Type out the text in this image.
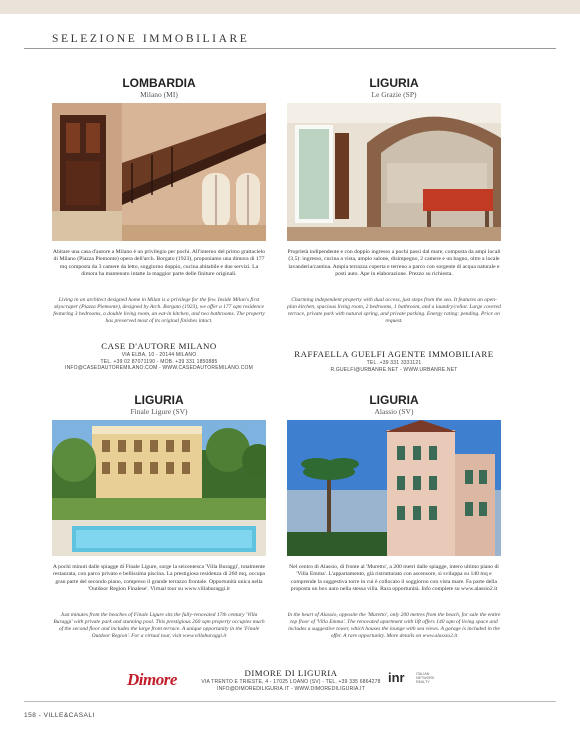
SELEZIONE IMMOBILIARE
LOMBARDIA
Milano (MI)
Abitare una casa d'autore a Milano è un privilegio per pochi. All'interno del primo grattacielo di Milano (Piazza Piemonte) opera dell'arch. Borgato (1923), proponiamo una dimora di 177 mq composta da 3 camere da letto, soggiorno doppio, cucina abitabile e due servizi. La dimora ha mantenuto intatte la maggior parte delle finiture originali.
Living in an architect designed home in Milan is a privilege for the few. Inside Milan's first skyscraper (Piazza Piemonte), designed by Arch. Borgato (1923), we offer a 177 sqm residence featuring 3 bedrooms, a double living room, an eat-in kitchen, and two bathrooms. The property has preserved most of its original finishes intact.
CASE D'AUTORE MILANO
VIA ELBA, 10 - 20144 MILANO
TEL. +39 02 87071190 - MOB. +39 331 1850885
INFO@CASEDAUTOREMILANO.COM - WWW.CASEDAUTOREMILANO.COM
LIGURIA
Le Grazie (SP)
Proprietà indipendente e con doppio ingresso a pochi passi dal mare, composta da ampi locali (3,5): ingresso, cucina a vista, ampio salone, disimpegno, 2 camere e un bagno, oltre a locale lavanderia/cantina. Ampia terrazza coperta e terreno a parco con sorgente di acqua naturale e posti auto. Ape in elaborazione. Prezzo su richiesta.
Charming independent property with dual access, just steps from the sea. It features an open-plan kitchen, spacious living room, 2 bedrooms, 1 bathroom, and a laundry/cellar. Large covered terrace, private park with natural spring, and private parking. Energy rating: pending. Price on request.
RAFFAELLA GUELFI AGENTE IMMOBILIARE
TEL. +39 331 3331121
R.GUELFI@URBANRE.NET - WWW.URBANRE.NET
LIGURIA
Finale Ligure (SV)
A pochi minuti dalle spiagge di Finale Ligure, sorge la seicentesca 'Villa Buraggi', totalmente restaurata, con parco privato e bellissima piscina. La prestigiosa residenza di 260 mq, occupa gran parte del secondo piano, compreso il grande terrazzo frontale. Opportunità unica nella 'Outdoor Region Finalese'. Virtual tour su www.villaburaggi.it
Just minutes from the beaches of Finale Ligure sits the fully-renovated 17th century 'Villa Buraggi' with private park and stunning pool. This prestigious 260 sqm property occupies much of the second floor and includes the large front terrace. A unique opportunity in the 'Finale Outdoor Region'. For a virtual tour, visit www.villaburaggi.it
LIGURIA
Alassio (SV)
Nel centro di Alassio, di fronte al 'Muretto', a 200 metri dalle spiagge, intero ultimo piano di 'Villa Emma'. L'appartamento, già ristrutturato con ascensore, si sviluppa su 140 mq e comprende la suggestiva torre in cui è collocato il soggiorno con vista mare. Fa parte della proposta un box auto nella stessa villa. Rara opportunità. Info complete su www.alassio2.it
In the heart of Alassio, opposite the 'Muretto', only 200 metres from the beach, for sale the entire top floor of 'Villa Emma'. The renovated apartment with lift offers 140 sqm of living space and includes a suggestive tower, which houses the lounge with sea views. A garage is included in the offer. A rare opportunity. More details on www.alassio2.it
Dimore	DIMORE DI LIGURIA
VIA TRENTO E TRIESTE, 4 - 17025 LOANO (SV) - TEL. +39 335 6864278
INFO@DIMOREDILIGURIA.IT - WWW.DIMOREDILIGURIA.IT
inr	ITALIAN NETWORK REALTY
158 - VILLE&CASALI
